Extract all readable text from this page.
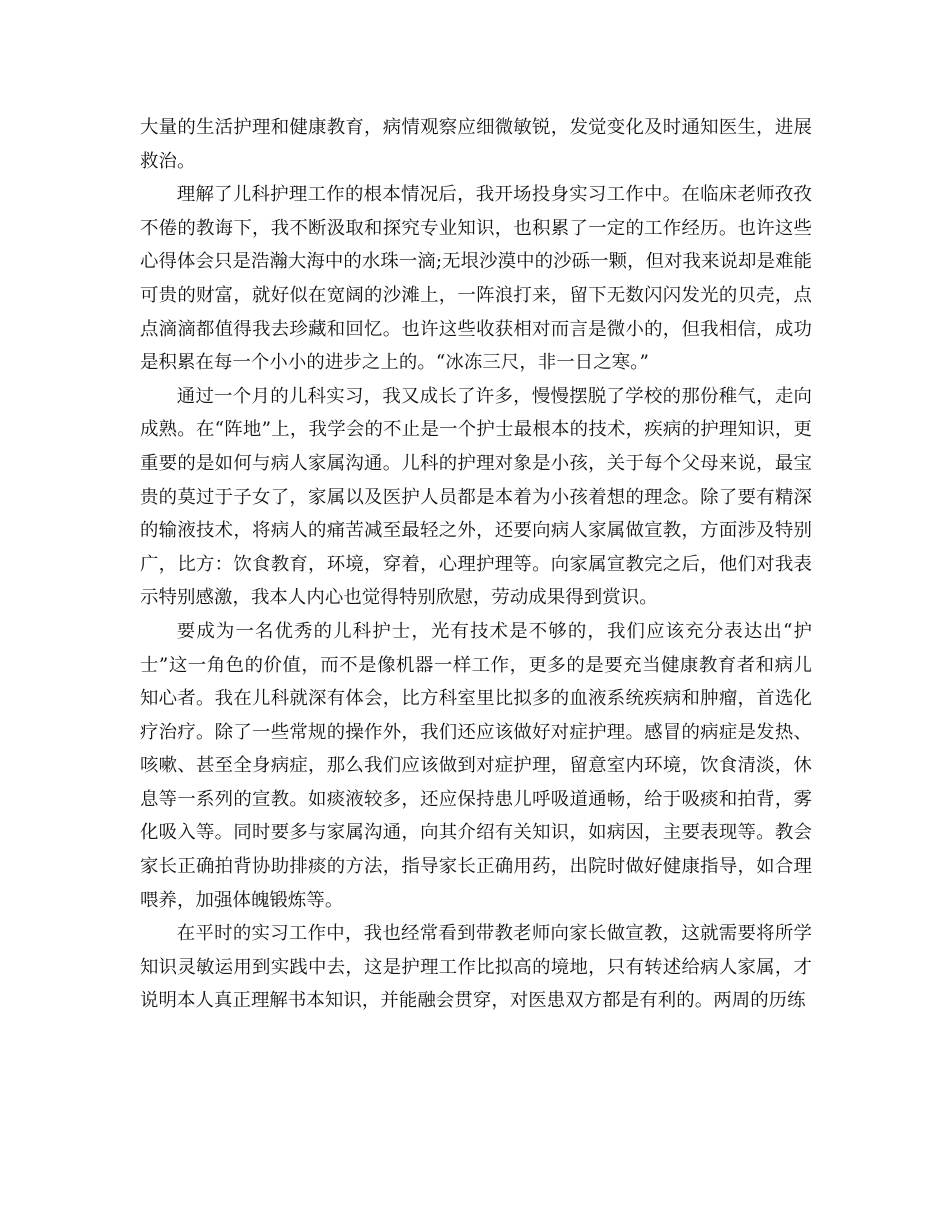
大量的生活护理和健康教育，病情观察应细微敏锐，发觉变化及时通知医生，进展救治。

理解了儿科护理工作的根本情况后，我开场投身实习工作中。在临床老师孜孜不倦的教诲下，我不断汲取和探究专业知识，也积累了一定的工作经历。也许这些心得体会只是浩瀚大海中的水珠一滴;无垠沙漠中的沙砾一颗，但对我来说却是难能可贵的财富，就好似在宽阔的沙滩上，一阵浪打来，留下无数闪闪发光的贝壳，点点滴滴都值得我去珍藏和回忆。也许这些收获相对而言是微小的，但我相信，成功是积累在每一个小小的进步之上的。“冰冻三尺，非一日之寒。”

通过一个月的儿科实习，我又成长了许多，慢慢摆脱了学校的那份稚气，走向成熟。在“阵地”上，我学会的不止是一个护士最根本的技术，疾病的护理知识，更重要的是如何与病人家属沟通。儿科的护理对象是小孩，关于每个父母来说，最宝贵的莫过于子女了，家属以及医护人员都是本着为小孩着想的理念。除了要有精深的输液技术，将病人的痛苦减至最轻之外，还要向病人家属做宣教，方面涉及特别广，比方：饮食教育，环境，穿着，心理护理等。向家属宣教完之后，他们对我表示特别感激，我本人内心也觉得特别欣慰，劳动成果得到赏识。

要成为一名优秀的儿科护士，光有技术是不够的，我们应该充分表达出“护士”这一角色的价值，而不是像机器一样工作，更多的是要充当健康教育者和病儿知心者。我在儿科就深有体会，比方科室里比拟多的血液系统疾病和肿瘤，首选化疗治疗。除了一些常规的操作外，我们还应该做好对症护理。感冒的病症是发热、咳嗽、甚至全身病症，那么我们应该做到对症护理，留意室内环境，饮食清淡，休息等一系列的宣教。如痰液较多，还应保持患儿呼吸道通畅，给于吸痰和拍背，雾化吸入等。同时要多与家属沟通，向其介绍有关知识，如病因，主要表现等。教会家长正确拍背协助排痰的方法，指导家长正确用药，出院时做好健康指导，如合理喂养，加强体魄锻炼等。

在平时的实习工作中，我也经常看到带教老师向家长做宣教，这就需要将所学知识灵敏运用到实践中去，这是护理工作比拟高的境地，只有转述给病人家属，才说明本人真正理解书本知识，并能融会贯穿，对医患双方都是有利的。两周的历练
